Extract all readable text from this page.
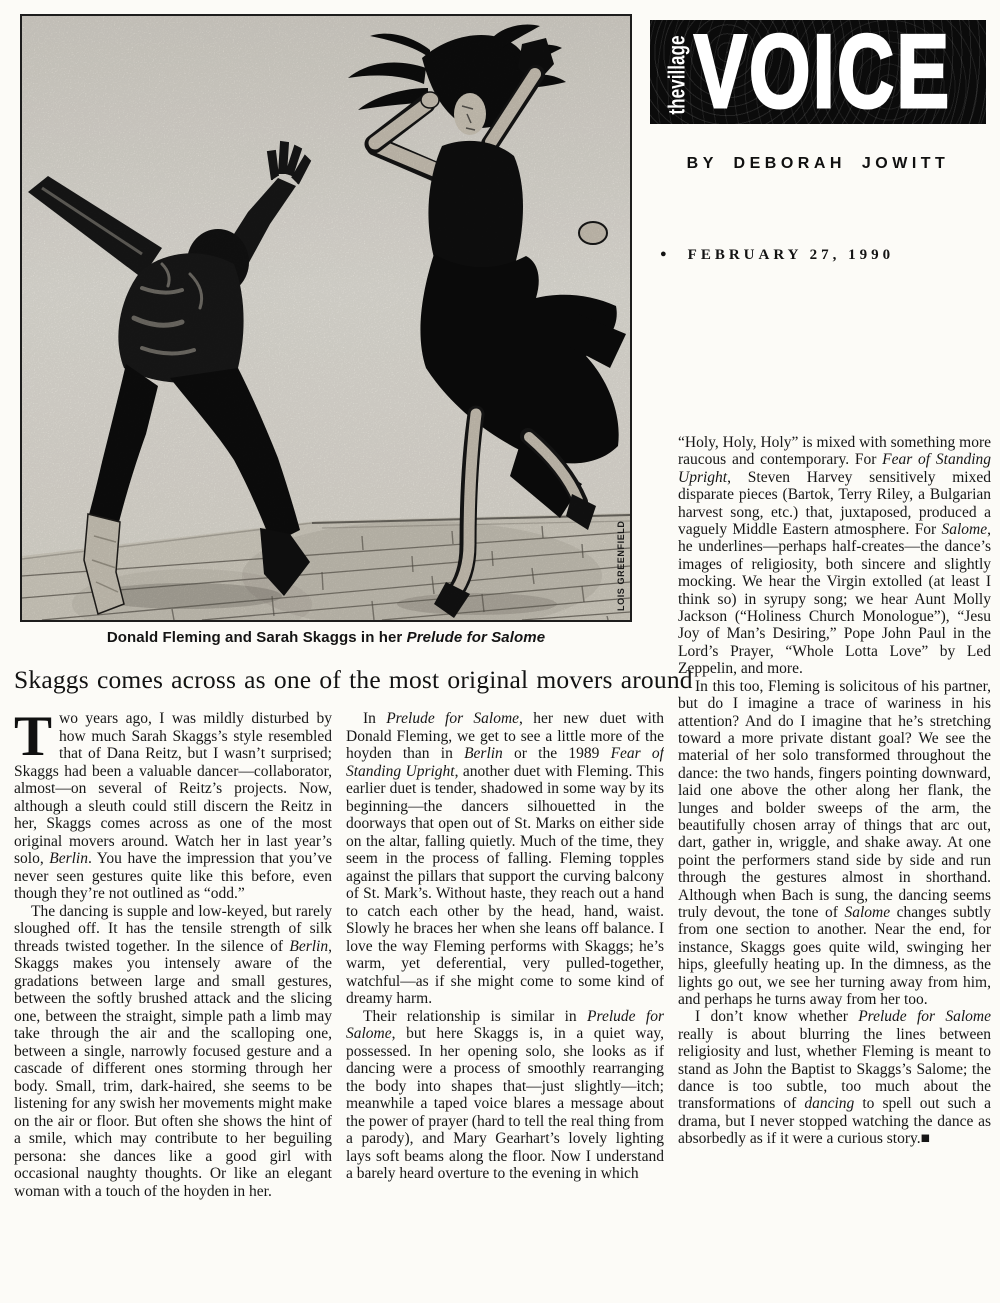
LOIS GREENFIELD
Donald Fleming and Sarah Skaggs in her Prelude for Salome
thevillage VOICE
BY DEBORAH JOWITT
● FEBRUARY 27, 1990
Skaggs comes across as one of the most original movers around

Two years ago, I was mildly disturbed by how much Sarah Skaggs’s style resembled that of Dana Reitz, but I wasn’t surprised; Skaggs had been a valuable dancer—collaborator, almost—on several of Reitz’s projects. Now, although a sleuth could still discern the Reitz in her, Skaggs comes across as one of the most original movers around. Watch her in last year’s solo, Berlin. You have the impression that you’ve never seen gestures quite like this before, even though they’re not outlined as “odd.”

The dancing is supple and low-keyed, but rarely sloughed off. It has the tensile strength of silk threads twisted together. In the silence of Berlin, Skaggs makes you intensely aware of the gradations between large and small gestures, between the softly brushed attack and the slicing one, between the straight, simple path a limb may take through the air and the scalloping one, between a single, narrowly focused gesture and a cascade of different ones storming through her body. Small, trim, dark-haired, she seems to be listening for any swish her movements might make on the air or floor. But often she shows the hint of a smile, which may contribute to her beguiling persona: she dances like a good girl with occasional naughty thoughts. Or like an elegant woman with a touch of the hoyden in her.

In Prelude for Salome, her new duet with Donald Fleming, we get to see a little more of the hoyden than in Berlin or the 1989 Fear of Standing Upright, another duet with Fleming. This earlier duet is tender, shadowed in some way by its beginning—the dancers silhouetted in the doorways that open out of St. Marks on either side on the altar, falling quietly. Much of the time, they seem in the process of falling. Fleming topples against the pillars that support the curving balcony of St. Mark’s. Without haste, they reach out a hand to catch each other by the head, hand, waist. Slowly he braces her when she leans off balance. I love the way Fleming performs with Skaggs; he’s warm, yet deferential, very pulled-together, watchful—as if she might come to some kind of dreamy harm.

Their relationship is similar in Prelude for Salome, but here Skaggs is, in a quiet way, possessed. In her opening solo, she looks as if dancing were a process of smoothly rearranging the body into shapes that—just slightly—itch; meanwhile a taped voice blares a message about the power of prayer (hard to tell the real thing from a parody), and Mary Gearhart’s lovely lighting lays soft beams along the floor. Now I understand a barely heard overture to the evening in which

“Holy, Holy, Holy” is mixed with something more raucous and contemporary. For Fear of Standing Upright, Steven Harvey sensitively mixed disparate pieces (Bartok, Terry Riley, a Bulgarian harvest song, etc.) that, juxtaposed, produced a vaguely Middle Eastern atmosphere. For Salome, he underlines—perhaps half-creates—the dance’s images of religiosity, both sincere and slightly mocking. We hear the Virgin extolled (at least I think so) in syrupy song; we hear Aunt Molly Jackson (“Holiness Church Monologue”), “Jesu Joy of Man’s Desiring,” Pope John Paul in the Lord’s Prayer, “Whole Lotta Love” by Led Zeppelin, and more.

In this too, Fleming is solicitous of his partner, but do I imagine a trace of wariness in his attention? And do I imagine that he’s stretching toward a more private distant goal? We see the material of her solo transformed throughout the dance: the two hands, fingers pointing downward, laid one above the other along her flank, the lunges and bolder sweeps of the arm, the beautifully chosen array of things that arc out, dart, gather in, wriggle, and shake away. At one point the performers stand side by side and run through the gestures almost in shorthand. Although when Bach is sung, the dancing seems truly devout, the tone of Salome changes subtly from one section to another. Near the end, for instance, Skaggs goes quite wild, swinging her hips, gleefully heating up. In the dimness, as the lights go out, we see her turning away from him, and perhaps he turns away from her too.

I don’t know whether Prelude for Salome really is about blurring the lines between religiosity and lust, whether Fleming is meant to stand as John the Baptist to Skaggs’s Salome; the dance is too subtle, too much about the transformations of dancing to spell out such a drama, but I never stopped watching the dance as absorbedly as if it were a curious story.■
